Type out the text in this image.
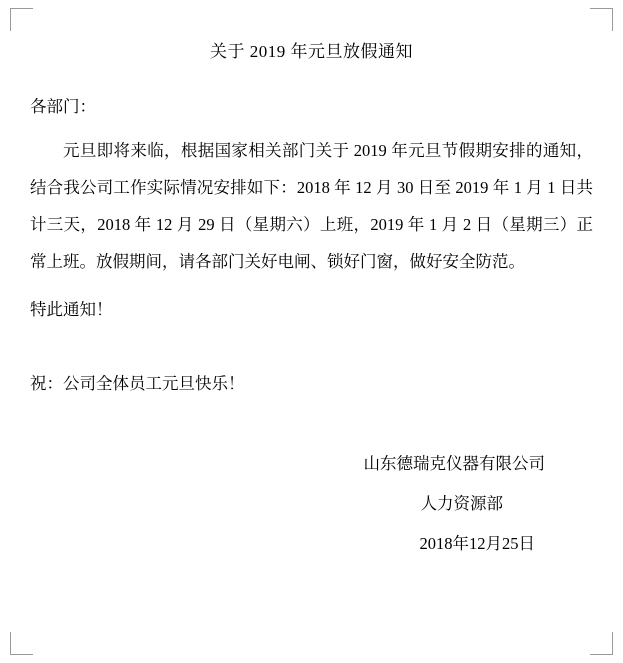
关于 2019 年元旦放假通知

各部门：

元旦即将来临，根据国家相关部门关于 2019 年元旦节假期安排的通知，结合我公司工作实际情况安排如下：2018 年 12 月 30 日至 2019 年 1 月 1 日共计三天，2018 年 12 月 29 日（星期六）上班，2019 年 1 月 2 日（星期三）正常上班。放假期间，请各部门关好电闸、锁好门窗，做好安全防范。

特此通知！

祝：公司全体员工元旦快乐！

山东德瑞克仪器有限公司
人力资源部
2018年12月25日
